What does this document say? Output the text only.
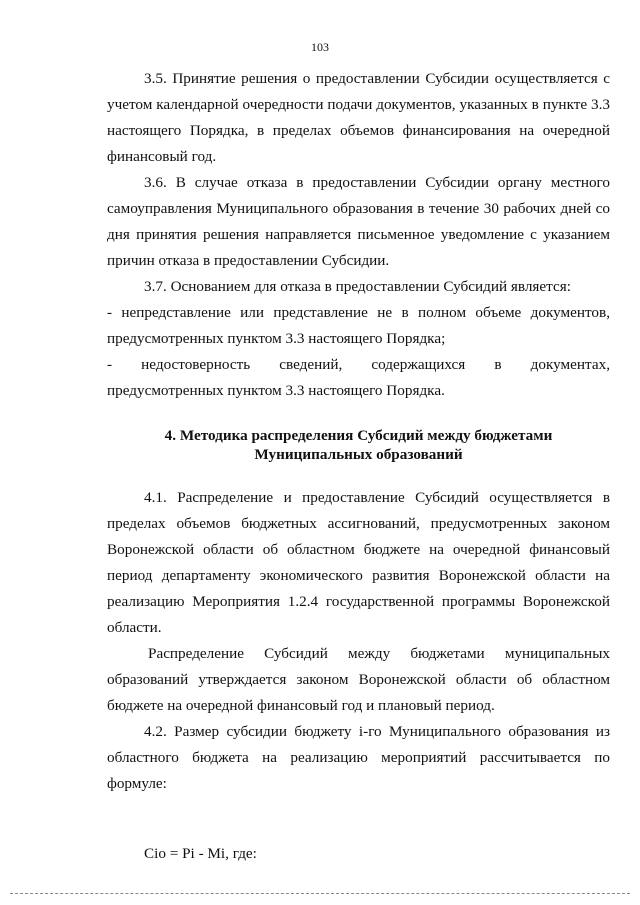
103

3.5. Принятие решения о предоставлении Субсидии осуществляется с учетом календарной очередности подачи документов, указанных в пункте 3.3 настоящего Порядка, в пределах объемов финансирования на очередной финансовый год.

3.6. В случае отказа в предоставлении Субсидии органу местного самоуправления Муниципального образования в течение 30 рабочих дней со дня принятия решения направляется письменное уведомление с указанием причин отказа в предоставлении Субсидии.

3.7. Основанием для отказа в предоставлении Субсидий является:

- непредставление или представление не в полном объеме документов, предусмотренных пунктом 3.3 настоящего Порядка;

- недостоверность сведений, содержащихся в документах,

предусмотренных пунктом 3.3 настоящего Порядка.

4. Методика распределения Субсидий между бюджетами
Муниципальных образований

4.1. Распределение и предоставление Субсидий осуществляется в пределах объемов бюджетных ассигнований, предусмотренных законом Воронежской области об областном бюджете на очередной финансовый период департаменту экономического развития Воронежской области на реализацию Мероприятия 1.2.4 государственной программы Воронежской области.

Распределение Субсидий между бюджетами муниципальных образований утверждается законом Воронежской области об областном бюджете на очередной финансовый год и плановый период.

4.2. Размер субсидии бюджету i-го Муниципального образования из областного бюджета на реализацию мероприятий рассчитывается по формуле:

Сio = Рi - Мi, где:
